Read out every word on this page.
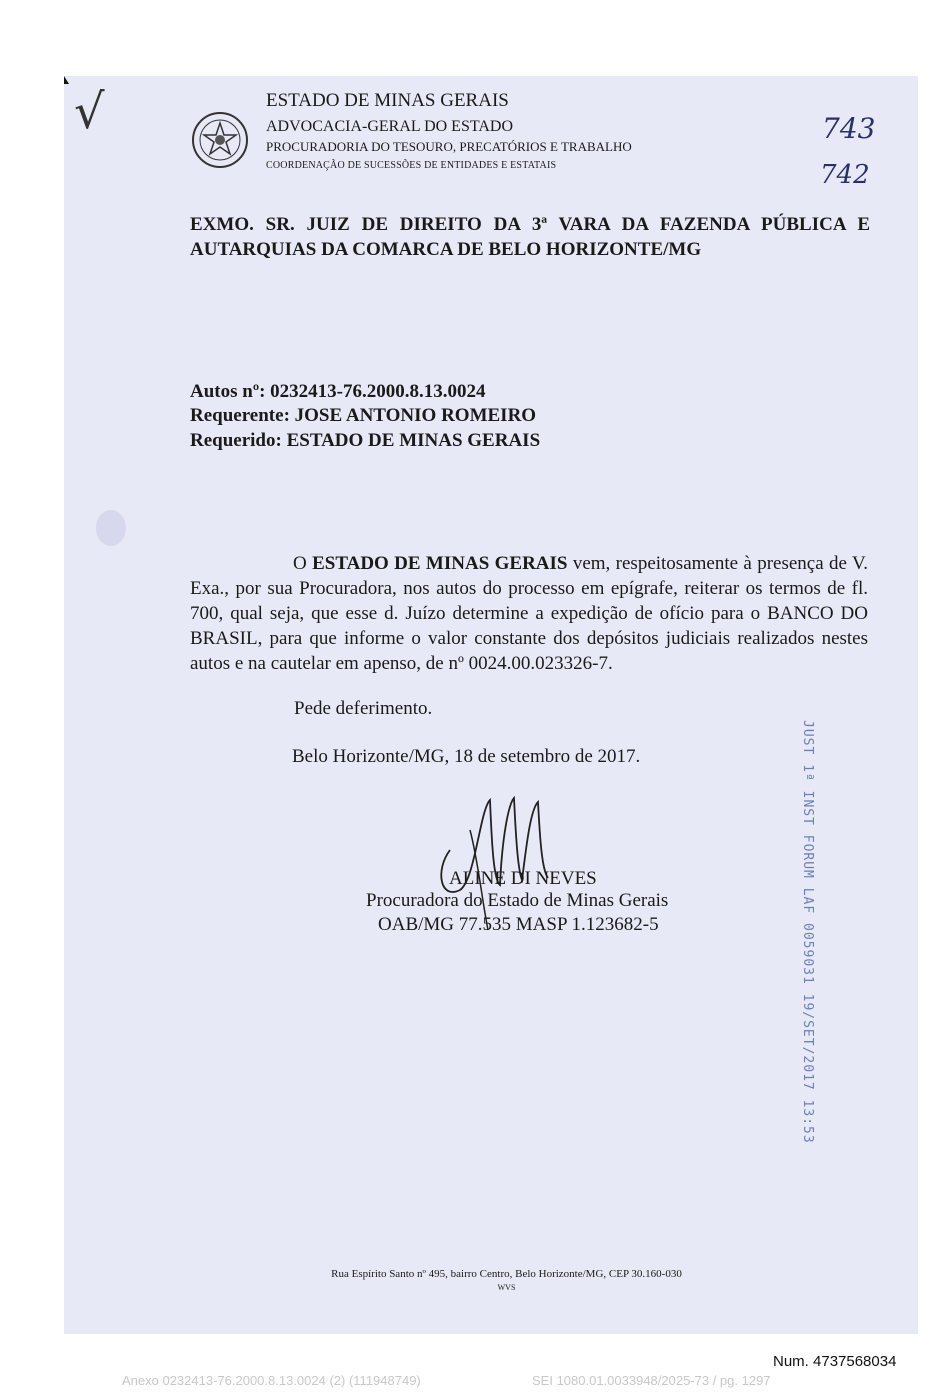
√	ESTADO DE MINAS GERAIS
ADVOCACIA-GERAL DO ESTADO
PROCURADORIA DO TESOURO, PRECATÓRIOS E TRABALHO
COORDENAÇÃO DE SUCESSÕES DE ENTIDADES E ESTATAIS
743
742
EXMO. SR. JUIZ DE DIREITO DA 3ª VARA DA FAZENDA PÚBLICA E AUTARQUIAS DA COMARCA DE BELO HORIZONTE/MG
Autos nº: 0232413-76.2000.8.13.0024
Requerente: JOSE ANTONIO ROMEIRO
Requerido: ESTADO DE MINAS GERAIS
O ESTADO DE MINAS GERAIS vem, respeitosamente à presença de V. Exa., por sua Procuradora, nos autos do processo em epígrafe, reiterar os termos de fl. 700, qual seja, que esse d. Juízo determine a expedição de ofício para o BANCO DO BRASIL, para que informe o valor constante dos depósitos judiciais realizados nestes autos e na cautelar em apenso, de nº 0024.00.023326-7.
Pede deferimento.
Belo Horizonte/MG, 18 de setembro de 2017.
ALINE DI NEVES
Procuradora do Estado de Minas Gerais
OAB/MG 77.535 MASP 1.123682-5	JUST 1ª INST FORUM LAF 0059031 19/SET/2017 13:53
Rua Espírito Santo nº 495, bairro Centro, Belo Horizonte/MG, CEP 30.160-030
WVS
Num. 4737568034
Anexo 0232413-76.2000.8.13.0024 (2) (111948749)	SEI 1080.01.0033948/2025-73 / pg. 1297
